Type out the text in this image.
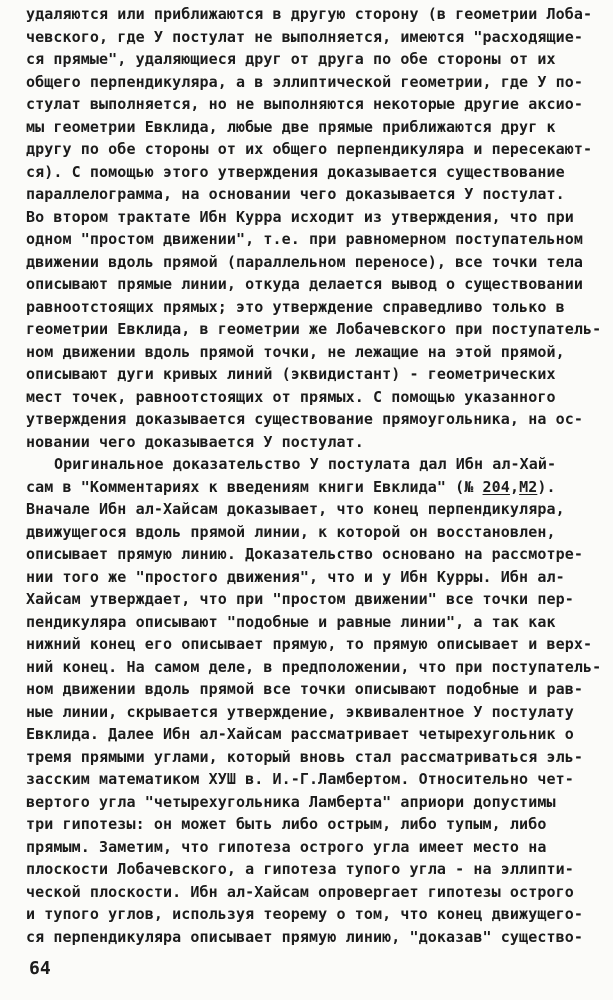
удаляются или приближаются в другую сторону (в геометрии Лоба-
чевского, где У постулат не выполняется, имеются "расходящие-
ся прямые", удаляющиеся друг от друга по обе стороны от их
общего перпендикуляра, а в эллиптической геометрии, где У по-
стулат выполняется, но не выполняются некоторые другие аксио-
мы геометрии Евклида, любые две прямые приближаются друг к
другу по обе стороны от их общего перпендикуляра и пересекают-
ся). С помощью этого утверждения доказывается существование
параллелограмма, на основании чего доказывается У постулат.
Во втором трактате Ибн Курра исходит из утверждения, что при
одном "простом движении", т.е. при равномерном поступательном
движении вдоль прямой (параллельном переносе), все точки тела
описывают прямые линии, откуда делается вывод о существовании
равноотстоящих прямых; это утверждение справедливо только в
геометрии Евклида, в геометрии же Лобачевского при поступатель-
ном движении вдоль прямой точки, не лежащие на этой прямой,
описывают дуги кривых линий (эквидистант) - геометрических
мест точек, равноотстоящих от прямых. С помощью указанного
утверждения доказывается существование прямоугольника, на ос-
новании чего доказывается У постулат.
Оригинальное доказательство У постулата дал Ибн ал-Хай-
сам в "Комментариях к введениям книги Евклида" (№ 204,М2).
Вначале Ибн ал-Хайсам доказывает, что конец перпендикуляра,
движущегося вдоль прямой линии, к которой он восстановлен,
описывает прямую линию. Доказательство основано на рассмотре-
нии того же "простого движения", что и у Ибн Курры. Ибн ал-
Хайсам утверждает, что при "простом движении" все точки пер-
пендикуляра описывают "подобные и равные линии", а так как
нижний конец его описывает прямую, то прямую описывает и верх-
ний конец. На самом деле, в предположении, что при поступатель-
ном движении вдоль прямой все точки описывают подобные и рав-
ные линии, скрывается утверждение, эквивалентное У постулату
Евклида. Далее Ибн ал-Хайсам рассматривает четырехугольник о
тремя прямыми углами, который вновь стал рассматриваться эль-
засским математиком ХУШ в. И.-Г.Ламбертом. Относительно чет-
вертого угла "четырехугольника Ламберта" априори допустимы
три гипотезы: он может быть либо острым, либо тупым, либо
прямым. Заметим, что гипотеза острого угла имеет место на
плоскости Лобачевского, а гипотеза тупого угла - на эллипти-
ческой плоскости. Ибн ал-Хайсам опровергает гипотезы острого
и тупого углов, используя теорему о том, что конец движущего-
ся перпендикуляра описывает прямую линию, "доказав" существо-
64
